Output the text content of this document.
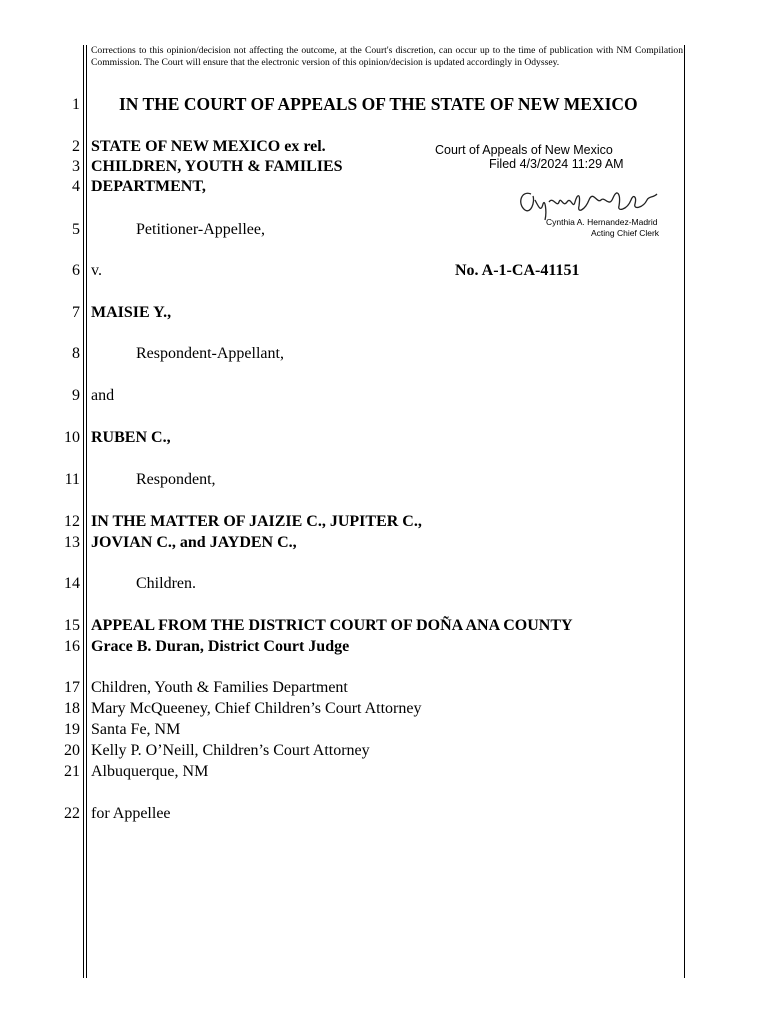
Corrections to this opinion/decision not affecting the outcome, at the Court's discretion, can occur up to the time of publication with NM Compilation Commission. The Court will ensure that the electronic version of this opinion/decision is updated accordingly in Odyssey.
1 IN THE COURT OF APPEALS OF THE STATE OF NEW MEXICO
2 STATE OF NEW MEXICO ex rel.
3 CHILDREN, YOUTH & FAMILIES
4 DEPARTMENT,
Court of Appeals of New Mexico
Filed 4/3/2024 11:29 AM
Cynthia A. Hernandez-Madrid
Acting Chief Clerk
5	Petitioner-Appellee,
6 v.	No. A-1-CA-41151
7 MAISIE Y.,
8	Respondent-Appellant,
9 and
10 RUBEN C.,
11	Respondent,
12 IN THE MATTER OF JAIZIE C., JUPITER C.,
13 JOVIAN C., and JAYDEN C.,
14	Children.
15 APPEAL FROM THE DISTRICT COURT OF DOÑA ANA COUNTY
16 Grace B. Duran, District Court Judge
17 Children, Youth & Families Department
18 Mary McQueeney, Chief Children’s Court Attorney
19 Santa Fe, NM
20 Kelly P. O’Neill, Children’s Court Attorney
21 Albuquerque, NM
22 for Appellee
